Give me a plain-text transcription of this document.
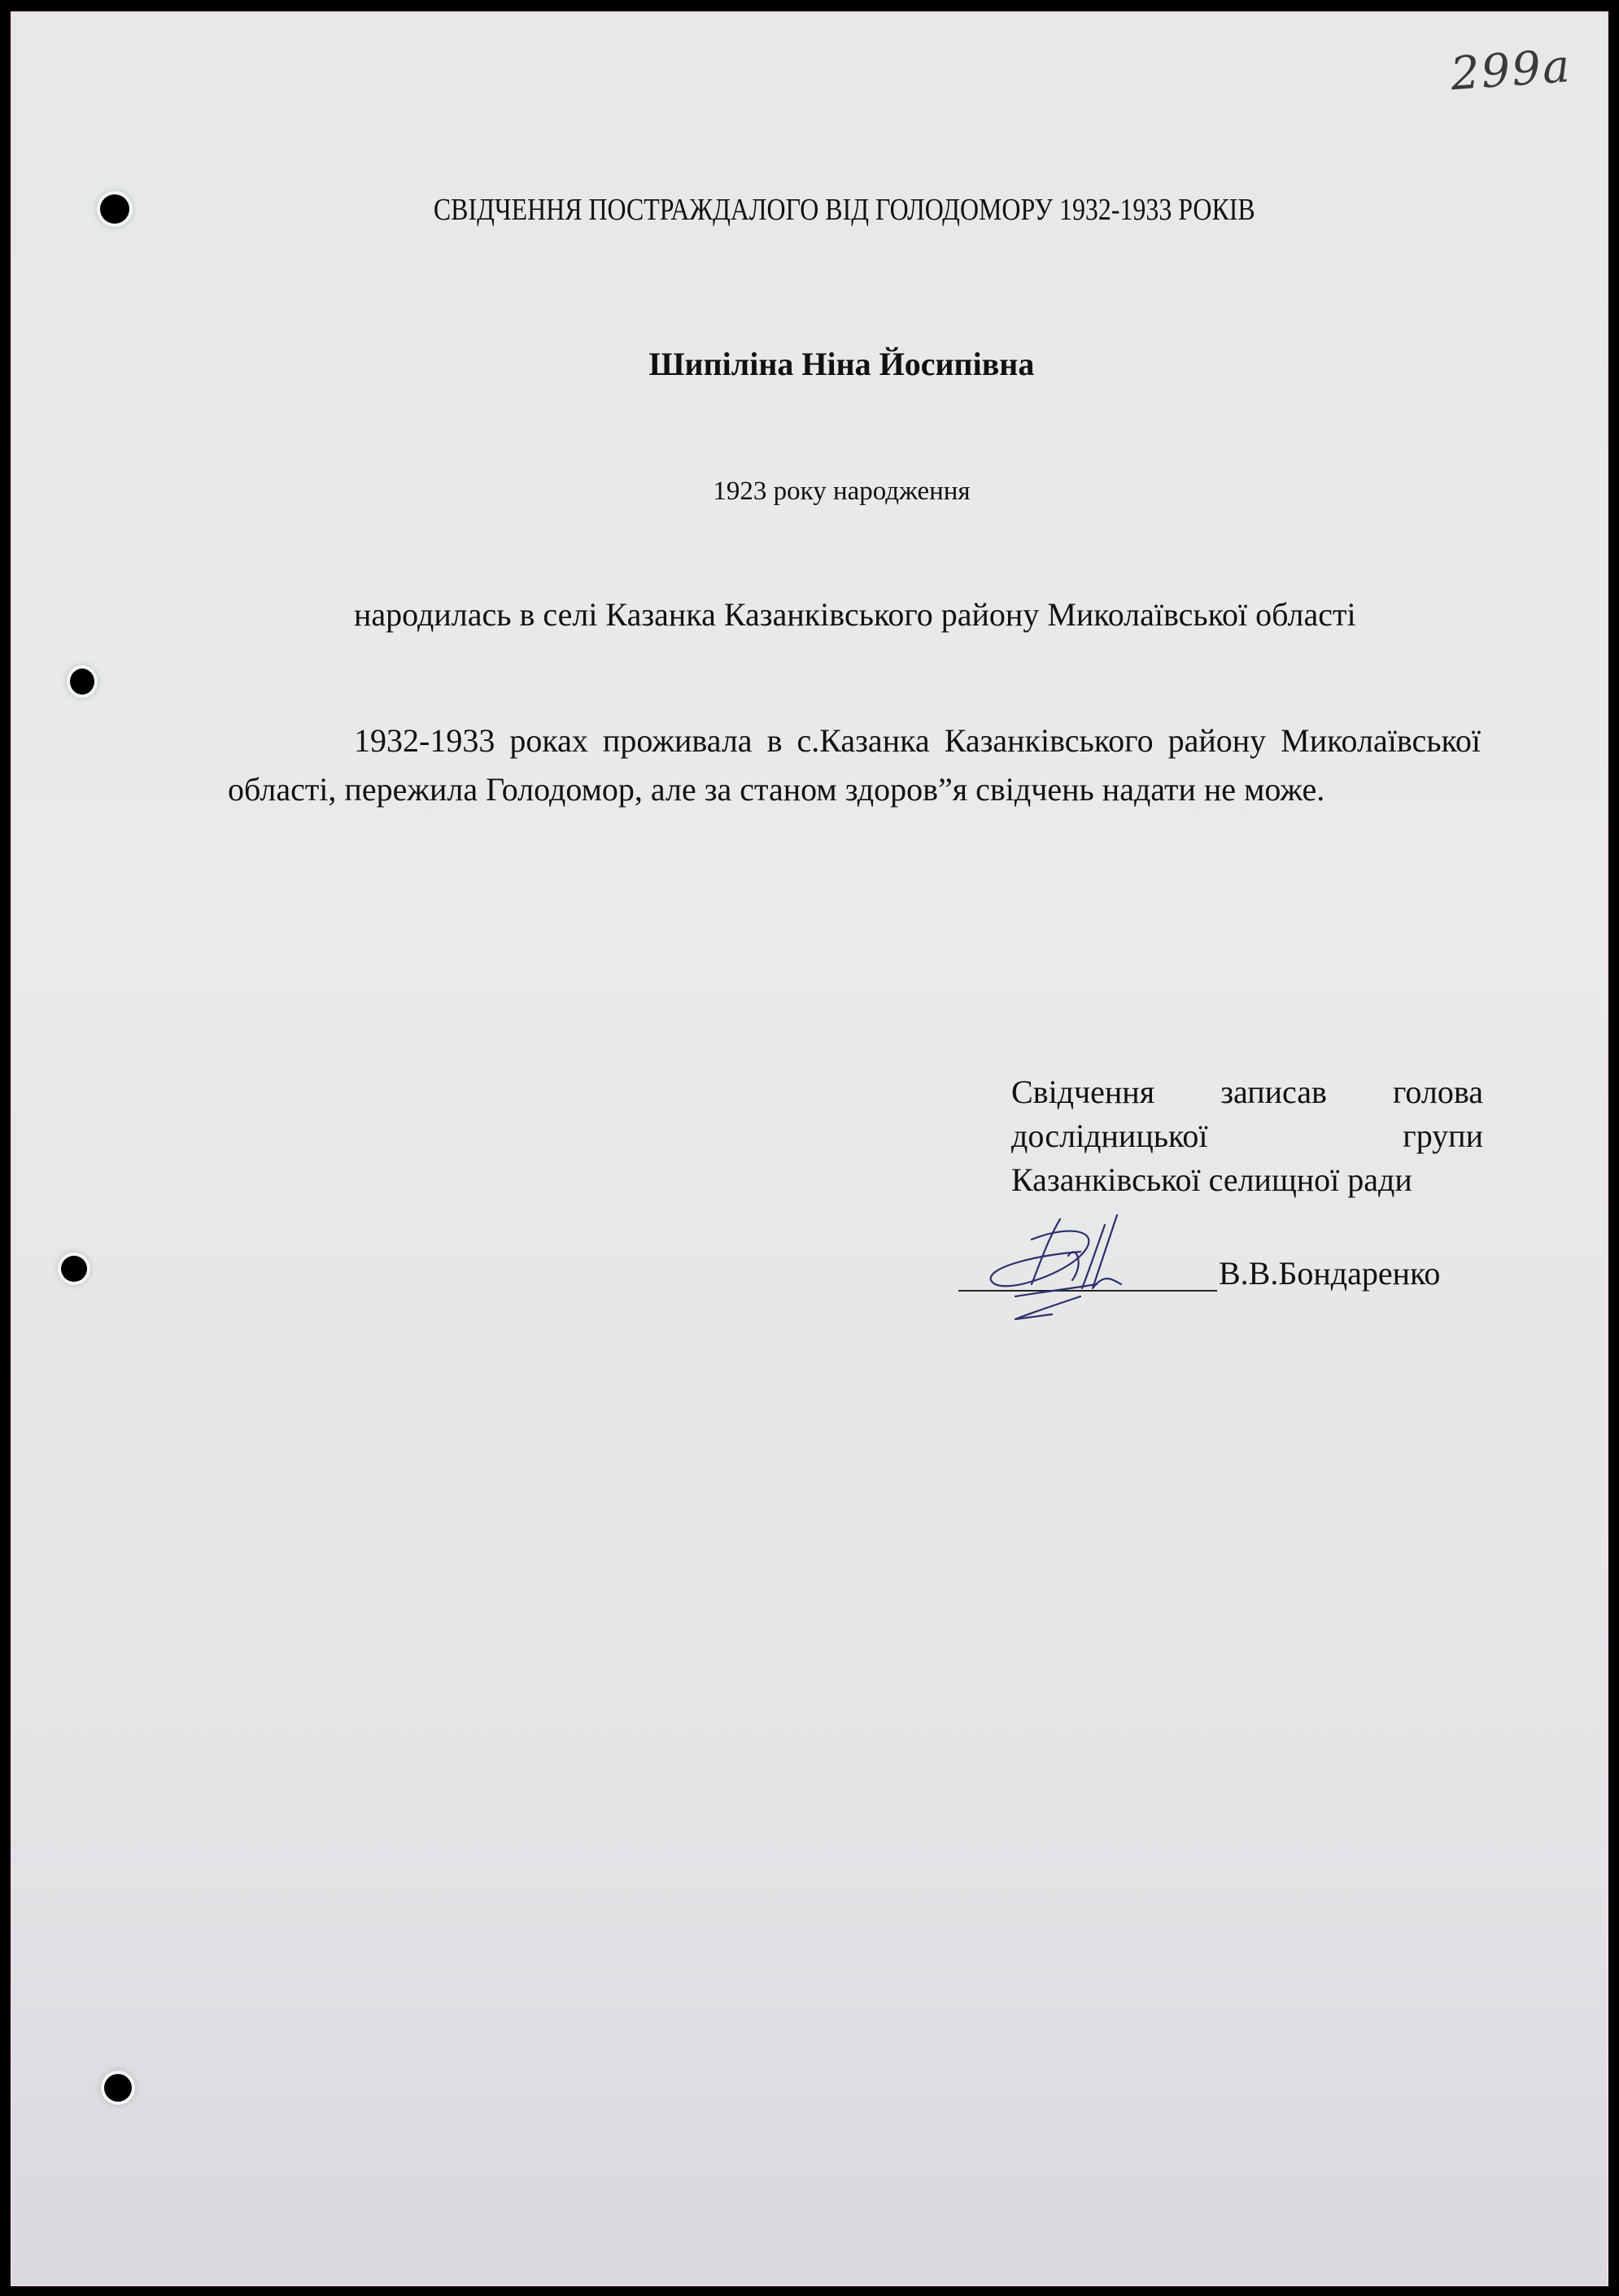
299а
СВІДЧЕННЯ ПОСТРАЖДАЛОГО ВІД ГОЛОДОМОРУ 1932-1933 РОКІВ
Шипіліна Ніна Йосипівна
1923 року народження
народилась в селі Казанка Казанківського району Миколаївської області
1932-1933 роках проживала в с.Казанка Казанківського району Миколаївської області, пережила Голодомор, але за станом здоров”я свідчень надати не може.
Свідчення записав голова
дослідницької	групи
Казанківської селищної ради
В.В.Бондаренко
